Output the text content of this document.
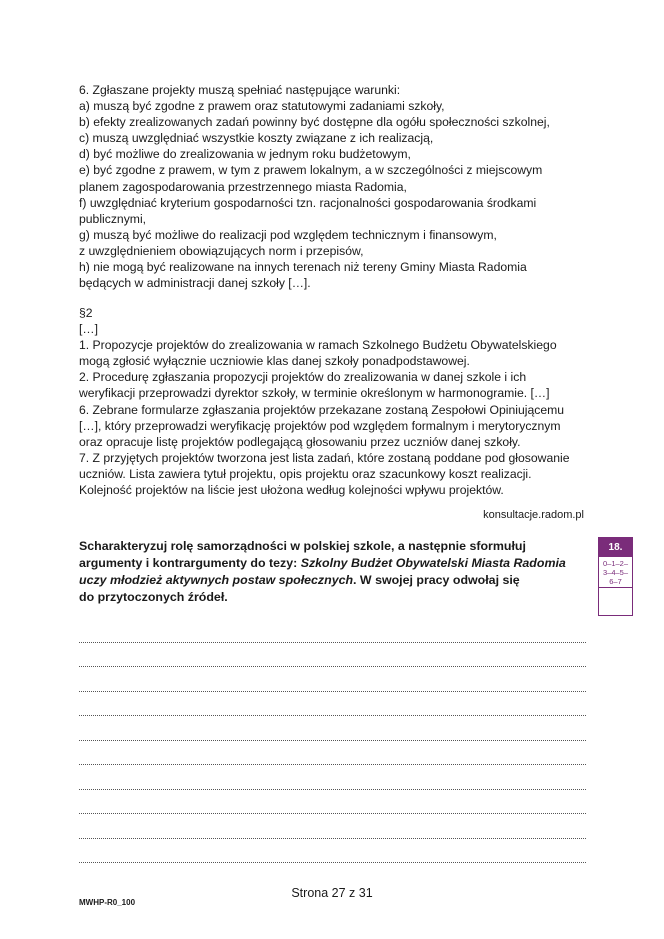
6. Zgłaszane projekty muszą spełniać następujące warunki:

a) muszą być zgodne z prawem oraz statutowymi zadaniami szkoły,

b) efekty zrealizowanych zadań powinny być dostępne dla ogółu społeczności szkolnej,

c) muszą uwzględniać wszystkie koszty związane z ich realizacją,

d) być możliwe do zrealizowania w jednym roku budżetowym,

e) być zgodne z prawem, w tym z prawem lokalnym, a w szczególności z miejscowym

planem zagospodarowania przestrzennego miasta Radomia,

f) uwzględniać kryterium gospodarności tzn. racjonalności gospodarowania środkami

publicznymi,

g) muszą być możliwe do realizacji pod względem technicznym i finansowym,

z uwzględnieniem obowiązujących norm i przepisów,

h) nie mogą być realizowane na innych terenach niż tereny Gminy Miasta Radomia

będących w administracji danej szkoły […].

§2

[…]

1. Propozycje projektów do zrealizowania w ramach Szkolnego Budżetu Obywatelskiego

mogą zgłosić wyłącznie uczniowie klas danej szkoły ponadpodstawowej.

2. Procedurę zgłaszania propozycji projektów do zrealizowania w danej szkole i ich

weryfikacji przeprowadzi dyrektor szkoły, w terminie określonym w harmonogramie. […]

6. Zebrane formularze zgłaszania projektów przekazane zostaną Zespołowi Opiniującemu

[…], który przeprowadzi weryfikację projektów pod względem formalnym i merytorycznym

oraz opracuje listę projektów podlegającą głosowaniu przez uczniów danej szkoły.

7. Z przyjętych projektów tworzona jest lista zadań, które zostaną poddane pod głosowanie

uczniów. Lista zawiera tytuł projektu, opis projektu oraz szacunkowy koszt realizacji.

Kolejność projektów na liście jest ułożona według kolejności wpływu projektów.

konsultacje.radom.pl
Scharakteryzuj rolę samorządności w polskiej szkole, a następnie sformułuj
argumenty i kontrargumenty do tezy: Szkolny Budżet Obywatelski Miasta Radomia
uczy młodzież aktywnych postaw społecznych. W swojej pracy odwołaj się
do przytoczonych źródeł.
18.
0–1–2–
3–4–5–
6–7
Strona 27 z 31
MWHP-R0_100
